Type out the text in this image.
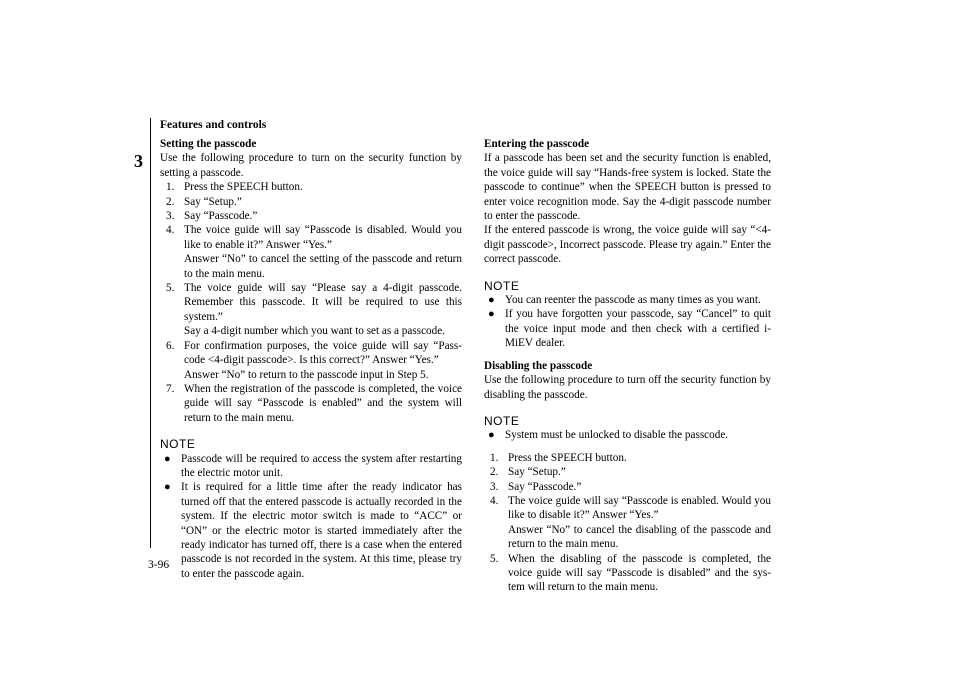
3
Features and controls
3-96

Setting the passcode

Use the following procedure to turn on the security function by setting a passcode.

1. Press the SPEECH button.
2. Say “Setup.”
3. Say “Passcode.”
4. The voice guide will say “Passcode is disabled. Would you like to enable it?” Answer “Yes.”
Answer “No” to cancel the setting of the passcode and return to the main menu.
5. The voice guide will say “Please say a 4-digit passcode. Remember this passcode. It will be required to use this system.”
Say a 4-digit number which you want to set as a passcode.
6. For confirmation purposes, the voice guide will say “Pass-code <4-digit passcode>. Is this correct?” Answer “Yes.”
Answer “No” to return to the passcode input in Step 5.
7. When the registration of the passcode is completed, the voice guide will say “Passcode is enabled” and the system will return to the main menu.

NOTE

● Passcode will be required to access the system after restarting the electric motor unit.
● It is required for a little time after the ready indicator has turned off that the entered passcode is actually recorded in the system. If the electric motor switch is made to “ACC” or “ON” or the electric motor is started immediately after the ready indicator has turned off, there is a case when the entered passcode is not recorded in the system. At this time, please try to enter the passcode again.

Entering the passcode

If a passcode has been set and the security function is enabled, the voice guide will say “Hands-free system is locked. State the passcode to continue” when the SPEECH button is pressed to enter voice recognition mode. Say the 4-digit passcode number to enter the passcode.

If the entered passcode is wrong, the voice guide will say “<4-digit passcode>, Incorrect passcode. Please try again.” Enter the correct passcode.

NOTE

● You can reenter the passcode as many times as you want.
● If you have forgotten your passcode, say “Cancel” to quit the voice input mode and then check with a certified i-MiEV dealer.

Disabling the passcode

Use the following procedure to turn off the security function by disabling the passcode.

NOTE

● System must be unlocked to disable the passcode.
1. Press the SPEECH button.
2. Say “Setup.”
3. Say “Passcode.”
4. The voice guide will say “Passcode is enabled. Would you like to disable it?” Answer “Yes.”
Answer “No” to cancel the disabling of the passcode and return to the main menu.
5. When the disabling of the passcode is completed, the voice guide will say “Passcode is disabled” and the sys-tem will return to the main menu.
